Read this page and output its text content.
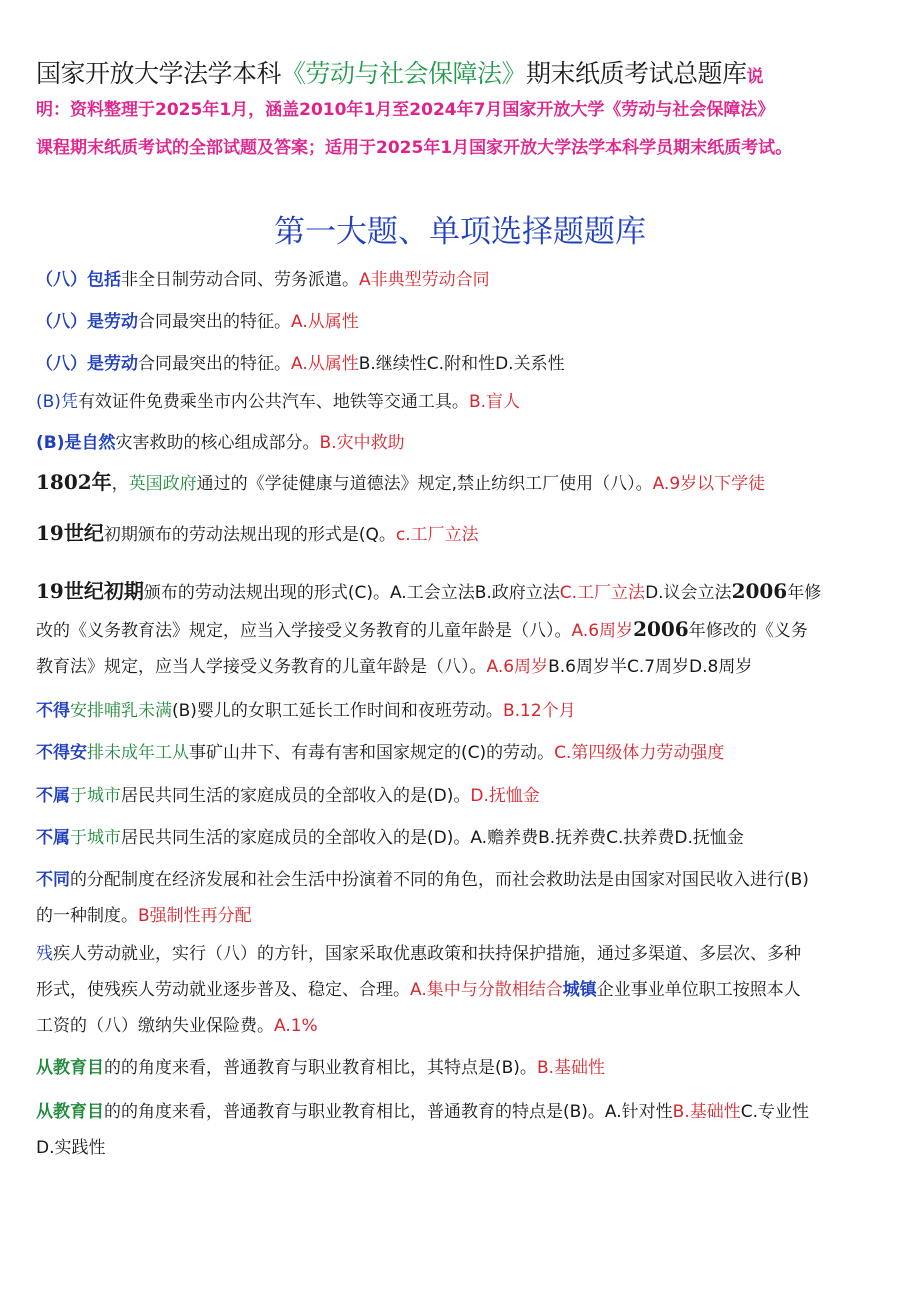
国家开放大学法学本科《劳动与社会保障法》期末纸质考试总题库说
明：资料整理于2025年1月，涵盖2010年1月至2024年7月国家开放大学《劳动与社会保障法》
课程期末纸质考试的全部试题及答案；适用于2025年1月国家开放大学法学本科学员期末纸质考试。
第一大题、单项选择题题库
（八）包括非全日制劳动合同、劳务派遣。A非典型劳动合同
（八）是劳动合同最突出的特征。A.从属性
（八）是劳动合同最突出的特征。A.从属性B.继续性C.附和性D.关系性
(B)凭有效证件免费乘坐市内公共汽车、地铁等交通工具。B.盲人
(B)是自然灾害救助的核心组成部分。B.灾中救助
1802年，英国政府通过的《学徒健康与道德法》规定,禁止纺织工厂使用（八）。A.9岁以下学徒
19世纪初期颁布的劳动法规出现的形式是(Q。c.工厂立法
19世纪初期颁布的劳动法规出现的形式(C)。A.工会立法B.政府立法C.工厂立法D.议会立法2006年修
改的《义务教育法》规定，应当入学接受义务教育的儿童年龄是（八）。A.6周岁2006年修改的《义务
教育法》规定，应当人学接受义务教育的儿童年龄是（八）。A.6周岁B.6周岁半C.7周岁D.8周岁
不得安排哺乳未满(B)婴儿的女职工延长工作时间和夜班劳动。B.12个月
不得安排未成年工从事矿山井下、有毒有害和国家规定的(C)的劳动。C.第四级体力劳动强度
不属于城市居民共同生活的家庭成员的全部收入的是(D)。D.抚恤金
不属于城市居民共同生活的家庭成员的全部收入的是(D)。A.赡养费B.抚养费C.扶养费D.抚恤金
不同的分配制度在经济发展和社会生活中扮演着不同的角色，而社会救助法是由国家对国民收入进行(B)
的一种制度。B强制性再分配
残疾人劳动就业，实行（八）的方针，国家采取优惠政策和扶持保护措施，通过多渠道、多层次、多种
形式，使残疾人劳动就业逐步普及、稳定、合理。A.集中与分散相结合城镇企业事业单位职工按照本人
工资的（八）缴纳失业保险费。A.1%
从教育目的的角度来看，普通教育与职业教育相比，其特点是(B)。B.基础性
从教育目的的角度来看，普通教育与职业教育相比，普通教育的特点是(B)。A.针对性B.基础性C.专业性
D.实践性
